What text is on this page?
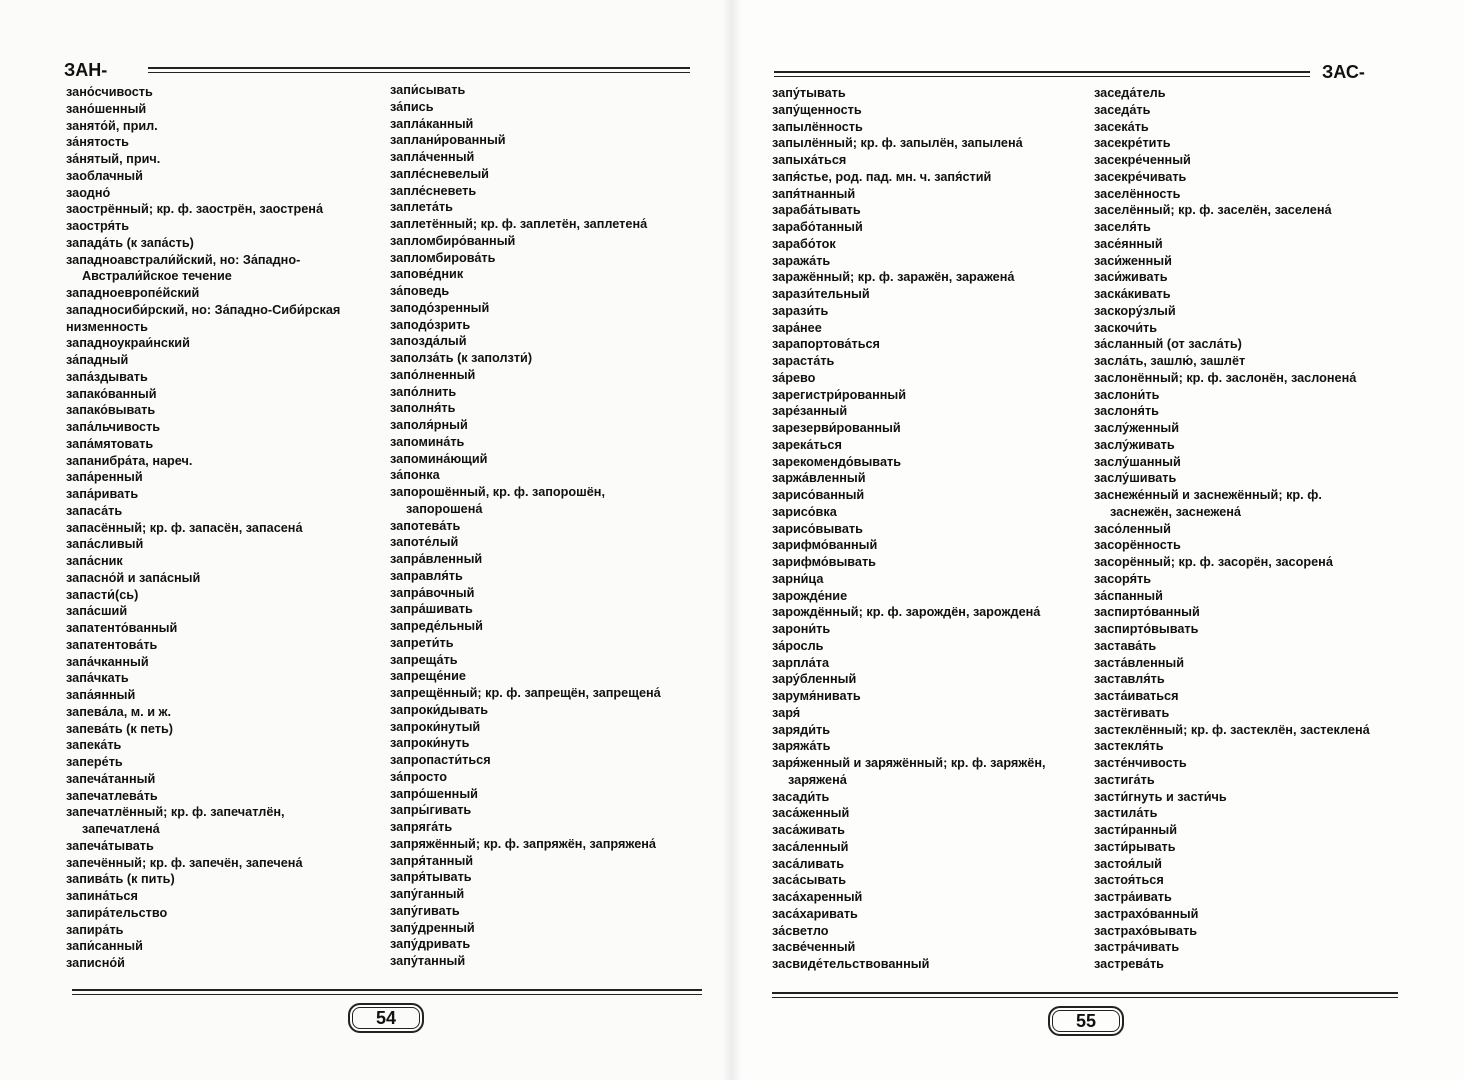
ЗАН-
зано́счивость
зано́шенный
занято́й, прил.
за́нятость
за́нятый, прич.
заоблачный
заодно́
заострённый; кр. ф. заострён, заострена́
заостря́ть
запада́ть (к запа́сть)
западноавстрали́йский, но: За́падно-
Австрали́йское течение
западноевропе́йский
западносиби́рский, но: За́падно-Сиби́рская
низменность
западноукраи́нский
за́падный
запа́здывать
запако́ванный
запако́вывать
запа́льчивость
запа́мятовать
запанибра́та, нареч.
запа́ренный
запа́ривать
запаса́ть
запасённый; кр. ф. запасён, запасена́
запа́сливый
запа́сник
запасно́й и запа́сный
запасти́(сь)
запа́сший
запатенто́ванный
запатентова́ть
запа́чканный
запа́чкать
запа́янный
запева́ла, м. и ж.
запева́ть (к петь)
запека́ть
запере́ть
запеча́танный
запечатлева́ть
запечатлённый; кр. ф. запечатлён,
запечатлена́
запеча́тывать
запечённый; кр. ф. запечён, запечена́
запива́ть (к пить)
запина́ться
запира́тельство
запира́ть
запи́санный
записно́й
запи́сывать
за́пись
запла́канный
заплани́рованный
запла́ченный
запле́сневелый
запле́сневеть
заплета́ть
заплетённый; кр. ф. заплетён, заплетена́
запломбиро́ванный
запломбирова́ть
запове́дник
за́поведь
заподо́зренный
заподо́зрить
запозда́лый
заполза́ть (к заползти́)
запо́лненный
запо́лнить
заполня́ть
заполя́рный
запомина́ть
запомина́ющий
за́понка
запорошённый, кр. ф. запорошён,
запорошена́
запотева́ть
запоте́лый
запра́вленный
заправля́ть
запра́вочный
запра́шивать
запреде́льный
запрети́ть
запреща́ть
запреще́ние
запрещённый; кр. ф. запрещён, запрещена́
запроки́дывать
запроки́нутый
запроки́нуть
запропасти́ться
за́просто
запро́шенный
запры́гивать
запряга́ть
запряжённый; кр. ф. запряжён, запряжена́
запря́танный
запря́тывать
запу́ганный
запу́гивать
запу́дренный
запу́дривать
запу́танный
54
ЗАС-
запу́тывать
запу́щенность
запылённость
запылённый; кр. ф. запылён, запылена́
запыха́ться
запя́стье, род. пад. мн. ч. запя́стий
запя́тнанный
зараба́тывать
зарабо́танный
зарабо́ток
заража́ть
заражённый; кр. ф. заражён, заражена́
зарази́тельный
зарази́ть
зара́нее
зарапортова́ться
зараста́ть
за́рево
зарегистри́рованный
заре́занный
зарезерви́рованный
зарека́ться
зарекомендо́вывать
заржа́вленный
зарисо́ванный
зарисо́вка
зарисо́вывать
зарифмо́ванный
зарифмо́вывать
зарни́ца
зарожде́ние
зарождённый; кр. ф. зарождён, зарождена́
зарони́ть
за́росль
зарпла́та
зару́бленный
зарумя́нивать
заря́
заряди́ть
заряжа́ть
заря́женный и заряжённый; кр. ф. заряжён,
заряжена́
засади́ть
заса́женный
заса́живать
заса́ленный
заса́ливать
заса́сывать
заса́харенный
заса́харивать
за́светло
засве́ченный
засвиде́тельствованный
заседа́тель
заседа́ть
засека́ть
засекре́тить
засекре́ченный
засекре́чивать
заселённость
заселённый; кр. ф. заселён, заселена́
заселя́ть
засе́янный
заси́женный
заси́живать
заска́кивать
заскору́злый
заскочи́ть
за́сланный (от засла́ть)
засла́ть, зашлю́, зашлёт
заслонённый; кр. ф. заслонён, заслонена́
заслони́ть
заслоня́ть
заслу́женный
заслу́живать
заслу́шанный
заслу́шивать
заснеже́нный и заснежённый; кр. ф.
заснежён, заснежена́
засо́ленный
засорённость
засорённый; кр. ф. засорён, засорена́
засоря́ть
за́спанный
заспирто́ванный
заспирто́вывать
застава́ть
заста́вленный
заставля́ть
заста́иваться
застёгивать
застеклённый; кр. ф. застеклён, застеклена́
застекля́ть
засте́нчивость
застига́ть
засти́гнуть и засти́чь
застила́ть
засти́ранный
засти́рывать
застоя́лый
застоя́ться
застра́ивать
застрахо́ванный
застрахо́вывать
застра́чивать
застрева́ть
55
